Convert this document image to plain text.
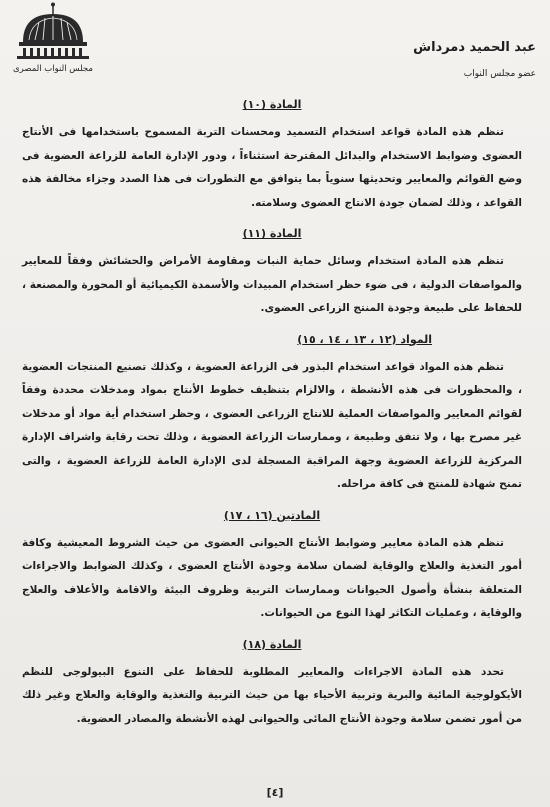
مجلس النواب المصرى
عبد الحميد دمرداش
عضو مجلس النواب
المادة (١٠)

تنظم هذه المادة قواعد استخدام التسميد ومحسنات التربة المسموح باستخدامها فى الأنتاج العضوى وضوابط الاستخدام والبدائل المقترحة استثناءاً ، ودور الإدارة العامة للزراعة العضوية فى وضع القوائم والمعايير وتحديثها سنوياً بما يتوافق مع التطورات فى هذا الصدد وجزاء مخالفة هذه القواعد ، وذلك لضمان جودة الانتاج العضوى وسلامته.

المادة (١١)

تنظم هذه المادة استخدام وسائل حماية النبات ومقاومة الأمراض والحشائش وفقاً للمعايير والمواصفات الدولية ، فى ضوء حظر استخدام المبيدات والأسمدة الكيميائية أو المحورة والمصنعة ، للحفاظ على طبيعة وجودة المنتج الزراعى العضوى.

المواد (١٢ ، ١٣ ، ١٤ ، ١٥)

تنظم هذه المواد قواعد استخدام البذور فى الزراعة العضوية ، وكذلك تصنيع المنتجات العضوية ، والمحظورات فى هذه الأنشطة ، والالزام بتنظيف خطوط الأنتاج بمواد ومدخلات محددة وفقاً لقوائم المعايير والمواصفات العملية للانتاج الزراعى العضوى ، وحظر استخدام أية مواد أو مدخلات غير مصرح بها ، ولا تتفق وطبيعة ، وممارسات الزراعة العضوية ، وذلك تحت رقابة واشراف الإدارة المركزية للزراعة العضوية وجهة المراقبة المسجلة لدى الإدارة العامة للزراعة العضوية ، والتى تمنح شهادة للمنتج فى كافة مراحله.

المادتين (١٦ ، ١٧)

تنظم هذه المادة معايير وضوابط الأنتاج الحيوانى العضوى من حيث الشروط المعيشية وكافة أمور التغذية والعلاج والوقاية لضمان سلامة وجودة الأنتاج العضوى ، وكذلك الضوابط والاجراءات المتعلقة بنشأة وأصول الحيوانات وممارسات التربية وظروف البيئة والاقامة والأعلاف والعلاج والوقاية ، وعمليات التكاثر لهذا النوع من الحيوانات.

المادة (١٨)

تحدد هذه المادة الاجراءات والمعايير المطلوبة للحفاظ على التنوع البيولوجى للنظم الأيكولوجية المائية والبرية وتربية الأحياء بها من حيث التربية والتغذية والوقاية والعلاج وغير ذلك من أمور تضمن سلامة وجودة الأنتاج المائى والحيوانى لهذه الأنشطة والمصادر العضوية.

[٤]
